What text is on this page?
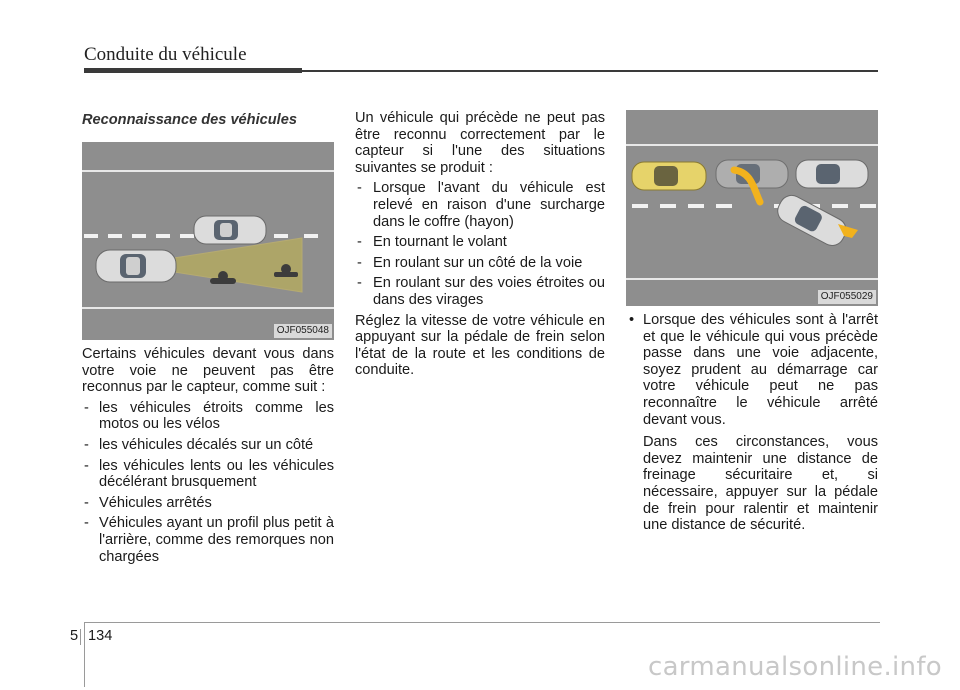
Conduite du véhicule
Reconnaissance des véhicules
OJF055048

Certains véhicules devant vous dans votre voie ne peuvent pas être reconnus par le capteur, comme suit :

- les véhicules étroits comme les motos ou les vélos
- les véhicules décalés sur un côté
- les véhicules lents ou les véhicules décélérant brusquement
- Véhicules arrêtés
- Véhicules ayant un profil plus petit à l'arrière, comme des remorques non chargées

Un véhicule qui précède ne peut pas être reconnu correctement par le capteur si l'une des situations suivantes se produit :

- Lorsque l'avant du véhicule est relevé en raison d'une surcharge dans le coffre (hayon)
- En tournant le volant
- En roulant sur un côté de la voie
- En roulant sur des voies étroites ou dans des virages

Réglez la vitesse de votre véhicule en appuyant sur la pédale de frein selon l'état de la route et les conditions de conduite.

OJF055029
• Lorsque des véhicules sont à l'arrêt et que le véhicule qui vous précède passe dans une voie adjacente, soyez prudent au démarrage car votre véhicule peut ne pas reconnaître le véhicule arrêté devant vous.

Dans ces circonstances, vous devez maintenir une distance de freinage sécuritaire et, si nécessaire, appuyer sur la pédale de frein pour ralentir et maintenir une distance de sécurité.

5 134
carmanualsonline.info
